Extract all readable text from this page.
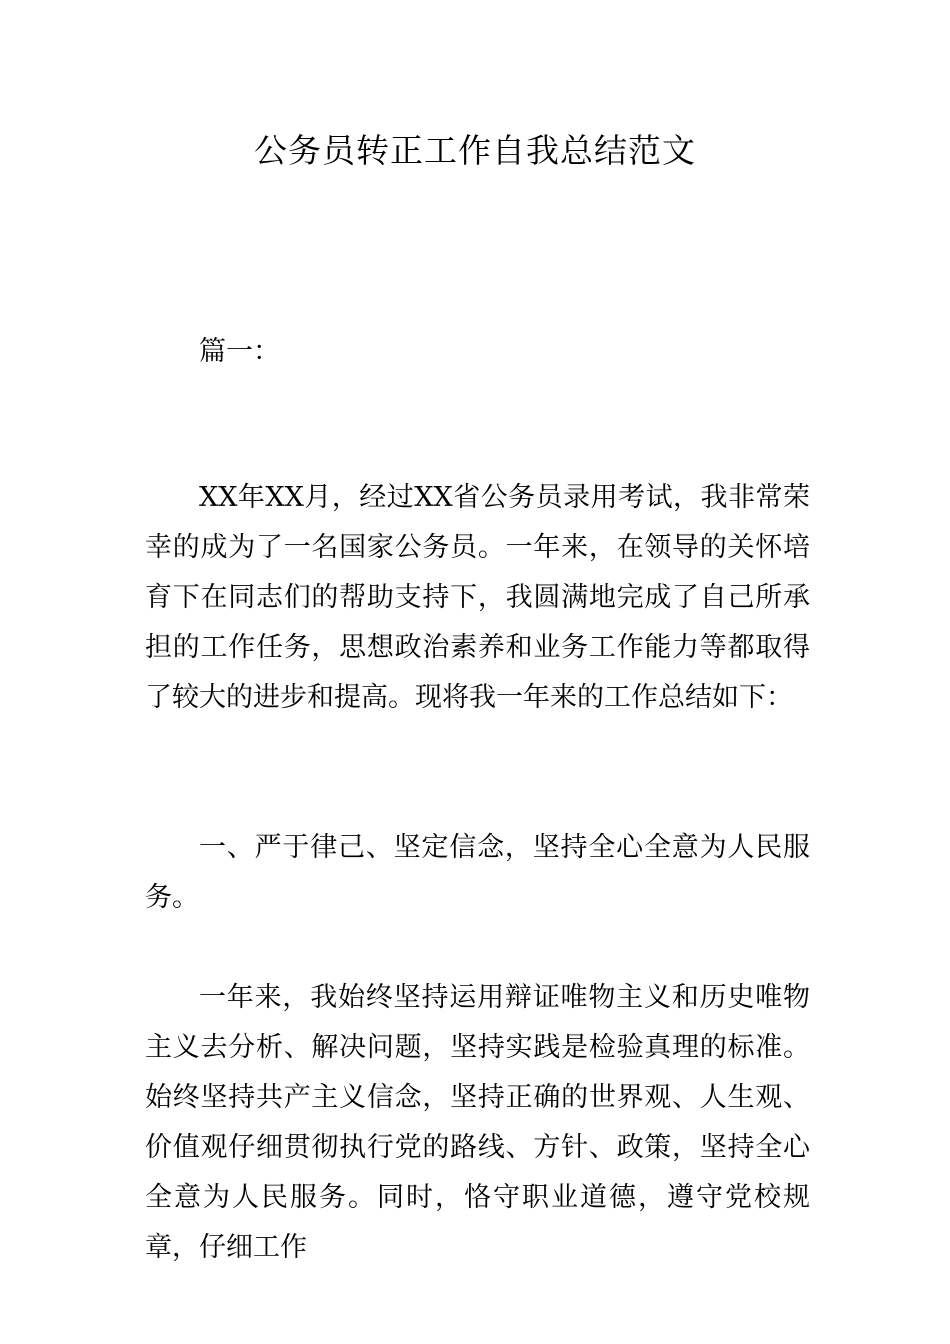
公务员转正工作自我总结范文

篇一：

XX年XX月，经过XX省公务员录用考试，我非常荣幸的成为了一名国家公务员。一年来，在领导的关怀培育下在同志们的帮助支持下，我圆满地完成了自己所承担的工作任务，思想政治素养和业务工作能力等都取得了较大的进步和提高。现将我一年来的工作总结如下：

一、严于律己、坚定信念，坚持全心全意为人民服务。

一年来，我始终坚持运用辩证唯物主义和历史唯物主义去分析、解决问题，坚持实践是检验真理的标准。始终坚持共产主义信念，坚持正确的世界观、人生观、价值观仔细贯彻执行党的路线、方针、政策，坚持全心全意为人民服务。同时，恪守职业道德，遵守党校规章，仔细工作
